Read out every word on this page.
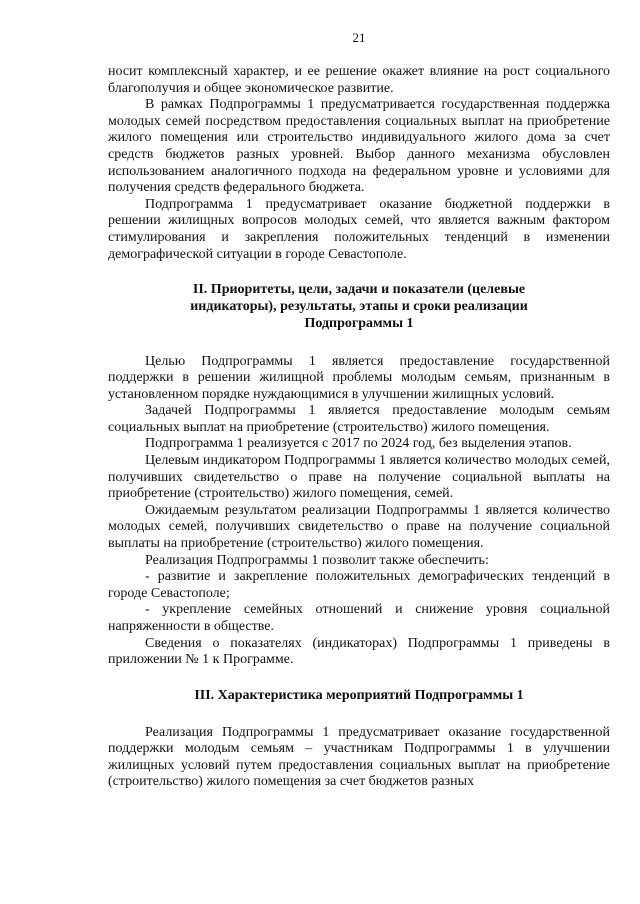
21

носит комплексный характер, и ее решение окажет влияние на рост социального благополучия и общее экономическое развитие.

В рамках Подпрограммы 1 предусматривается государственная поддержка молодых семей посредством предоставления социальных выплат на приобретение жилого помещения или строительство индивидуального жилого дома за счет средств бюджетов разных уровней. Выбор данного механизма обусловлен использованием аналогичного подхода на федеральном уровне и условиями для получения средств федерального бюджета.

Подпрограмма 1 предусматривает оказание бюджетной поддержки в решении жилищных вопросов молодых семей, что является важным фактором стимулирования и закрепления положительных тенденций в изменении демографической ситуации в городе Севастополе.

II. Приоритеты, цели, задачи и показатели (целевые индикаторы), результаты, этапы и сроки реализации Подпрограммы 1

Целью Подпрограммы 1 является предоставление государственной поддержки в решении жилищной проблемы молодым семьям, признанным в установленном порядке нуждающимися в улучшении жилищных условий.

Задачей Подпрограммы 1 является предоставление молодым семьям социальных выплат на приобретение (строительство) жилого помещения.

Подпрограмма 1 реализуется с 2017 по 2024 год, без выделения этапов.

Целевым индикатором Подпрограммы 1 является количество молодых семей, получивших свидетельство о праве на получение социальной выплаты на приобретение (строительство) жилого помещения, семей.

Ожидаемым результатом реализации Подпрограммы 1 является количество молодых семей, получивших свидетельство о праве на получение социальной выплаты на приобретение (строительство) жилого помещения.

Реализация Подпрограммы 1 позволит также обеспечить:

- развитие и закрепление положительных демографических тенденций в городе Севастополе;

- укрепление семейных отношений и снижение уровня социальной напряженности в обществе.

Сведения о показателях (индикаторах) Подпрограммы 1 приведены в приложении № 1 к Программе.

III. Характеристика мероприятий Подпрограммы 1

Реализация Подпрограммы 1 предусматривает оказание государственной поддержки молодым семьям – участникам Подпрограммы 1 в улучшении жилищных условий путем предоставления социальных выплат на приобретение (строительство) жилого помещения за счет бюджетов разных
